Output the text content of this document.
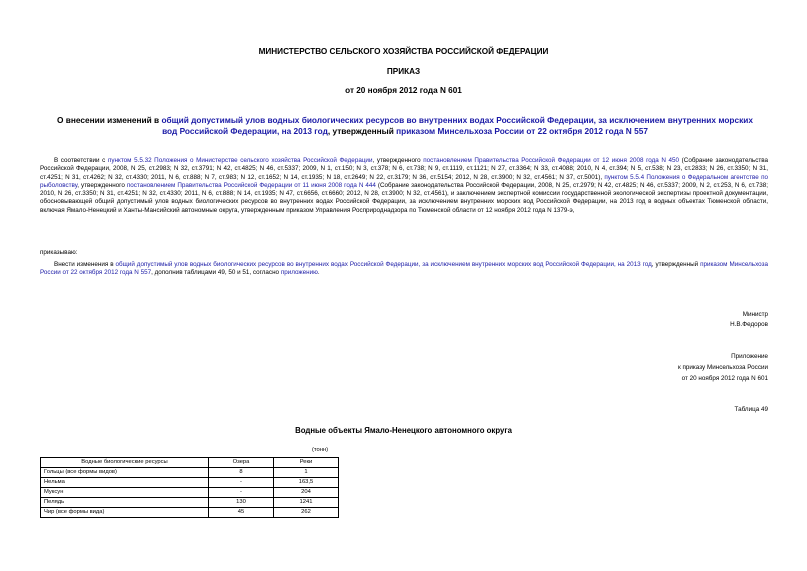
МИНИСТЕРСТВО СЕЛЬСКОГО ХОЗЯЙСТВА РОССИЙСКОЙ ФЕДЕРАЦИИ
ПРИКАЗ
от 20 ноября 2012 года N 601
О внесении изменений в общий допустимый улов водных биологических ресурсов во внутренних водах Российской Федерации, за исключением внутренних морских вод Российской Федерации, на 2013 год, утвержденный приказом Минсельхоза России от 22 октября 2012 года N 557
В соответствии с пунктом 5.5.32 Положения о Министерстве сельского хозяйства Российской Федерации, утвержденного постановлением Правительства Российской Федерации от 12 июня 2008 года N 450 (Собрание законодательства Российской Федерации, 2008, N 25, ст.2983; N 32, ст.3791; N 42, ст.4825; N 46, ст.5337; 2009, N 1, ст.150; N 3, ст.378; N 6, ст.738; N 9, ст.1119, ст.1121; N 27, ст.3364; N 33, ст.4088; 2010, N 4, ст.394; N 5, ст.538; N 23, ст.2833; N 26, ст.3350; N 31, ст.4251; N 31, ст.4262; N 32, ст.4330; 2011, N 6, ст.888; N 7, ст.983; N 12, ст.1652; N 14, ст.1935; N 18, ст.2649; N 22, ст.3179; N 36, ст.5154; 2012, N 28, ст.3900; N 32, ст.4561; N 37, ст.5001), пунктом 5.5.4 Положения о Федеральном агентстве по рыболовству, утвержденного постановлением Правительства Российской Федерации от 11 июня 2008 года N 444 (Собрание законодательства Российской Федерации, 2008, N 25, ст.2979; N 42, ст.4825; N 46, ст.5337; 2009, N 2, ст.253, N 6, ст.738; 2010, N 26, ст.3350; N 31, ст.4251; N 32, ст.4330; 2011, N 6, ст.888; N 14, ст.1935; N 47, ст.6656, ст.6660; 2012, N 28, ст.3900; N 32, ст.4561), и заключением экспертной комиссии государственной экологической экспертизы проектной документации, обосновывающей общий допустимый улов водных биологических ресурсов во внутренних водах Российской Федерации, за исключением внутренних морских вод Российской Федерации, на 2013 год в водных объектах Тюменской области, включая Ямало-Ненецкий и Ханты-Мансийский автономные округа, утвержденным приказом Управления Росприроднадзора по Тюменской области от 12 ноября 2012 года N 1379-э,
приказываю:
Внести изменения в общий допустимый улов водных биологических ресурсов во внутренних водах Российской Федерации, за исключением внутренних морских вод Российской Федерации, на 2013 год, утвержденный приказом Минсельхоза России от 22 октября 2012 года N 557, дополнив таблицами 49, 50 и 51, согласно приложению.
Министр
Н.В.Федоров
Приложение
к приказу Минсельхоза России
от 20 ноября 2012 года N 601
Таблица 49
Водные объекты Ямало-Ненецкого автономного округа
(тонн)
Водные биологические ресурсы	Озера	Реки
Гольцы (все формы видов)	8	1
Нельма	-	163,5
Муксун	-	204
Пелядь	130	1241
Чир (все формы вида)	45	262
